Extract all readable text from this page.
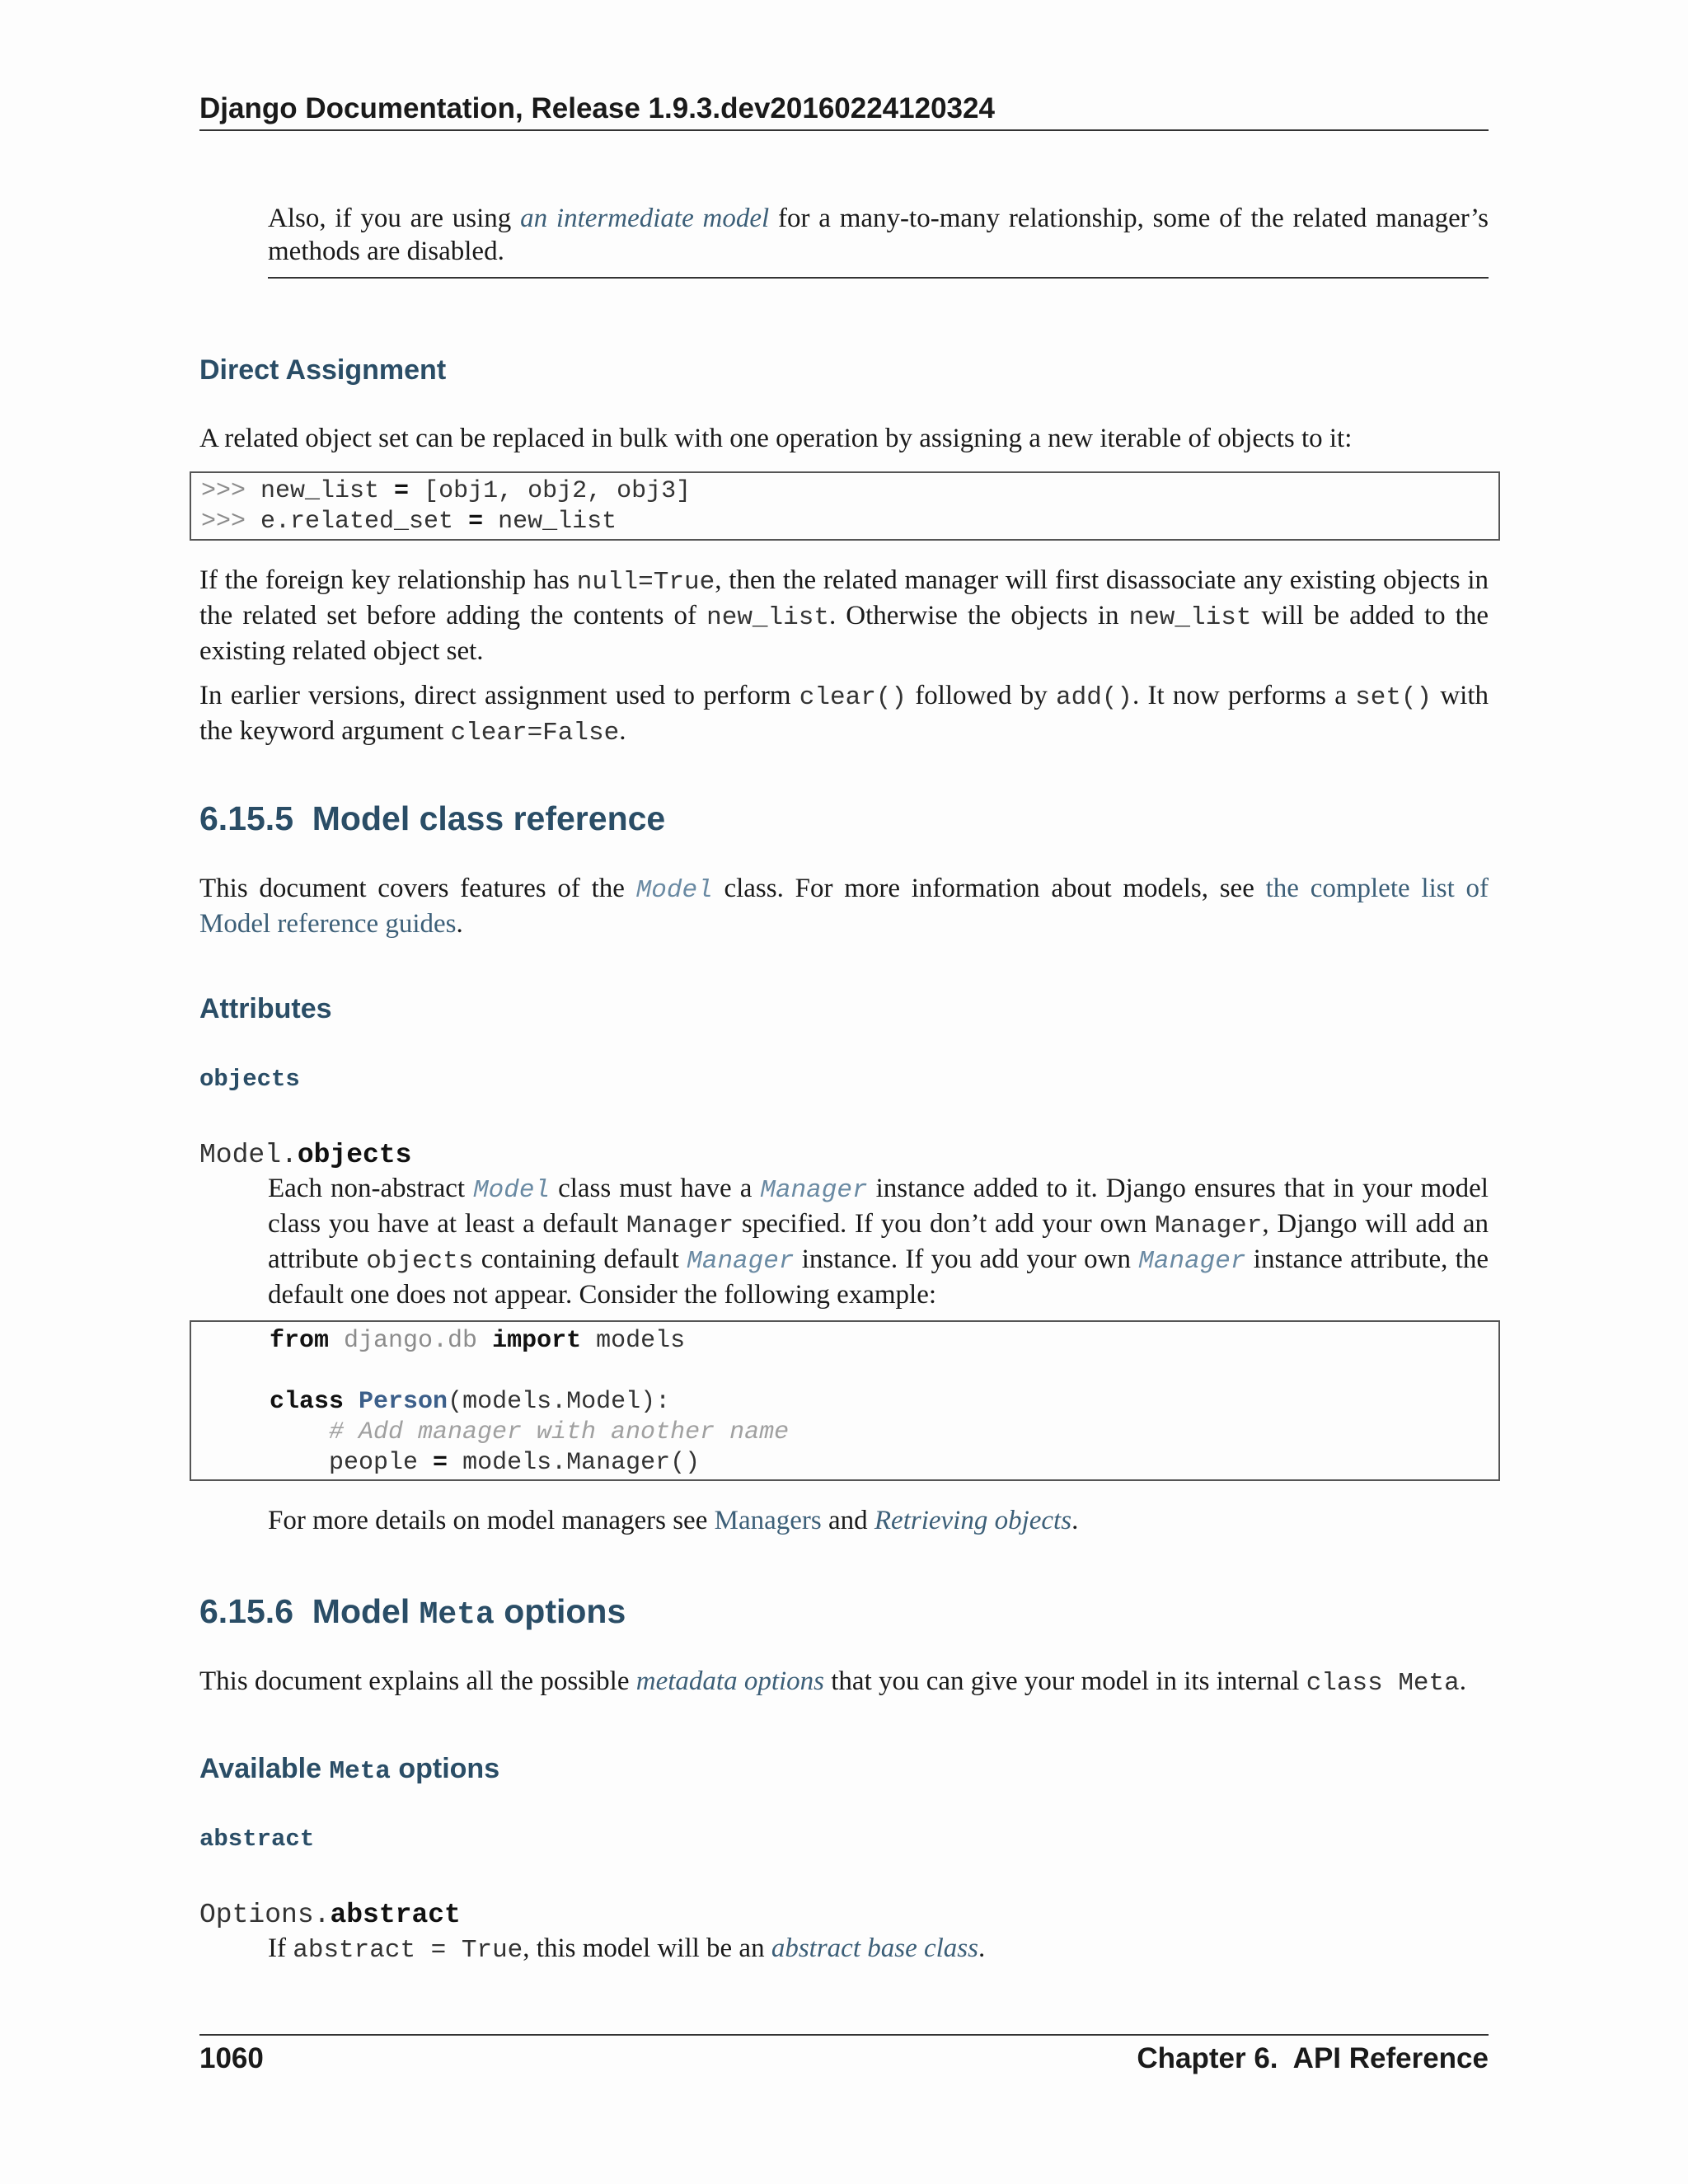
Django Documentation, Release 1.9.3.dev20160224120324
Also, if you are using an intermediate model for a many-to-many relationship, some of the related manager’s methods are disabled.
Direct Assignment
A related object set can be replaced in bulk with one operation by assigning a new iterable of objects to it:

>>> new_list = [obj1, obj2, obj3]

>>> e.related_set = new_list

If the foreign key relationship has null=True, then the related manager will first disassociate any existing objects in the related set before adding the contents of new_list. Otherwise the objects in new_list will be added to the existing related object set.
In earlier versions, direct assignment used to perform clear() followed by add(). It now performs a set() with the keyword argument clear=False.
6.15.5  Model class reference
This document covers features of the Model class. For more information about models, see the complete list of Model reference guides.
Attributes
objects
Model.objects
Each non-abstract Model class must have a Manager instance added to it. Django ensures that in your model class you have at least a default Manager specified. If you don’t add your own Manager, Django will add an attribute objects containing default Manager instance. If you add your own Manager instance attribute, the default one does not appear. Consider the following example:

from django.db import models

class Person(models.Model):

# Add manager with another name

people = models.Manager()

For more details on model managers see Managers and Retrieving objects.
6.15.6 Model Meta options
This document explains all the possible metadata options that you can give your model in its internal class Meta.
Available Meta options
abstract
Options.abstract
If abstract = True, this model will be an abstract base class.
1060	Chapter 6.  API Reference
